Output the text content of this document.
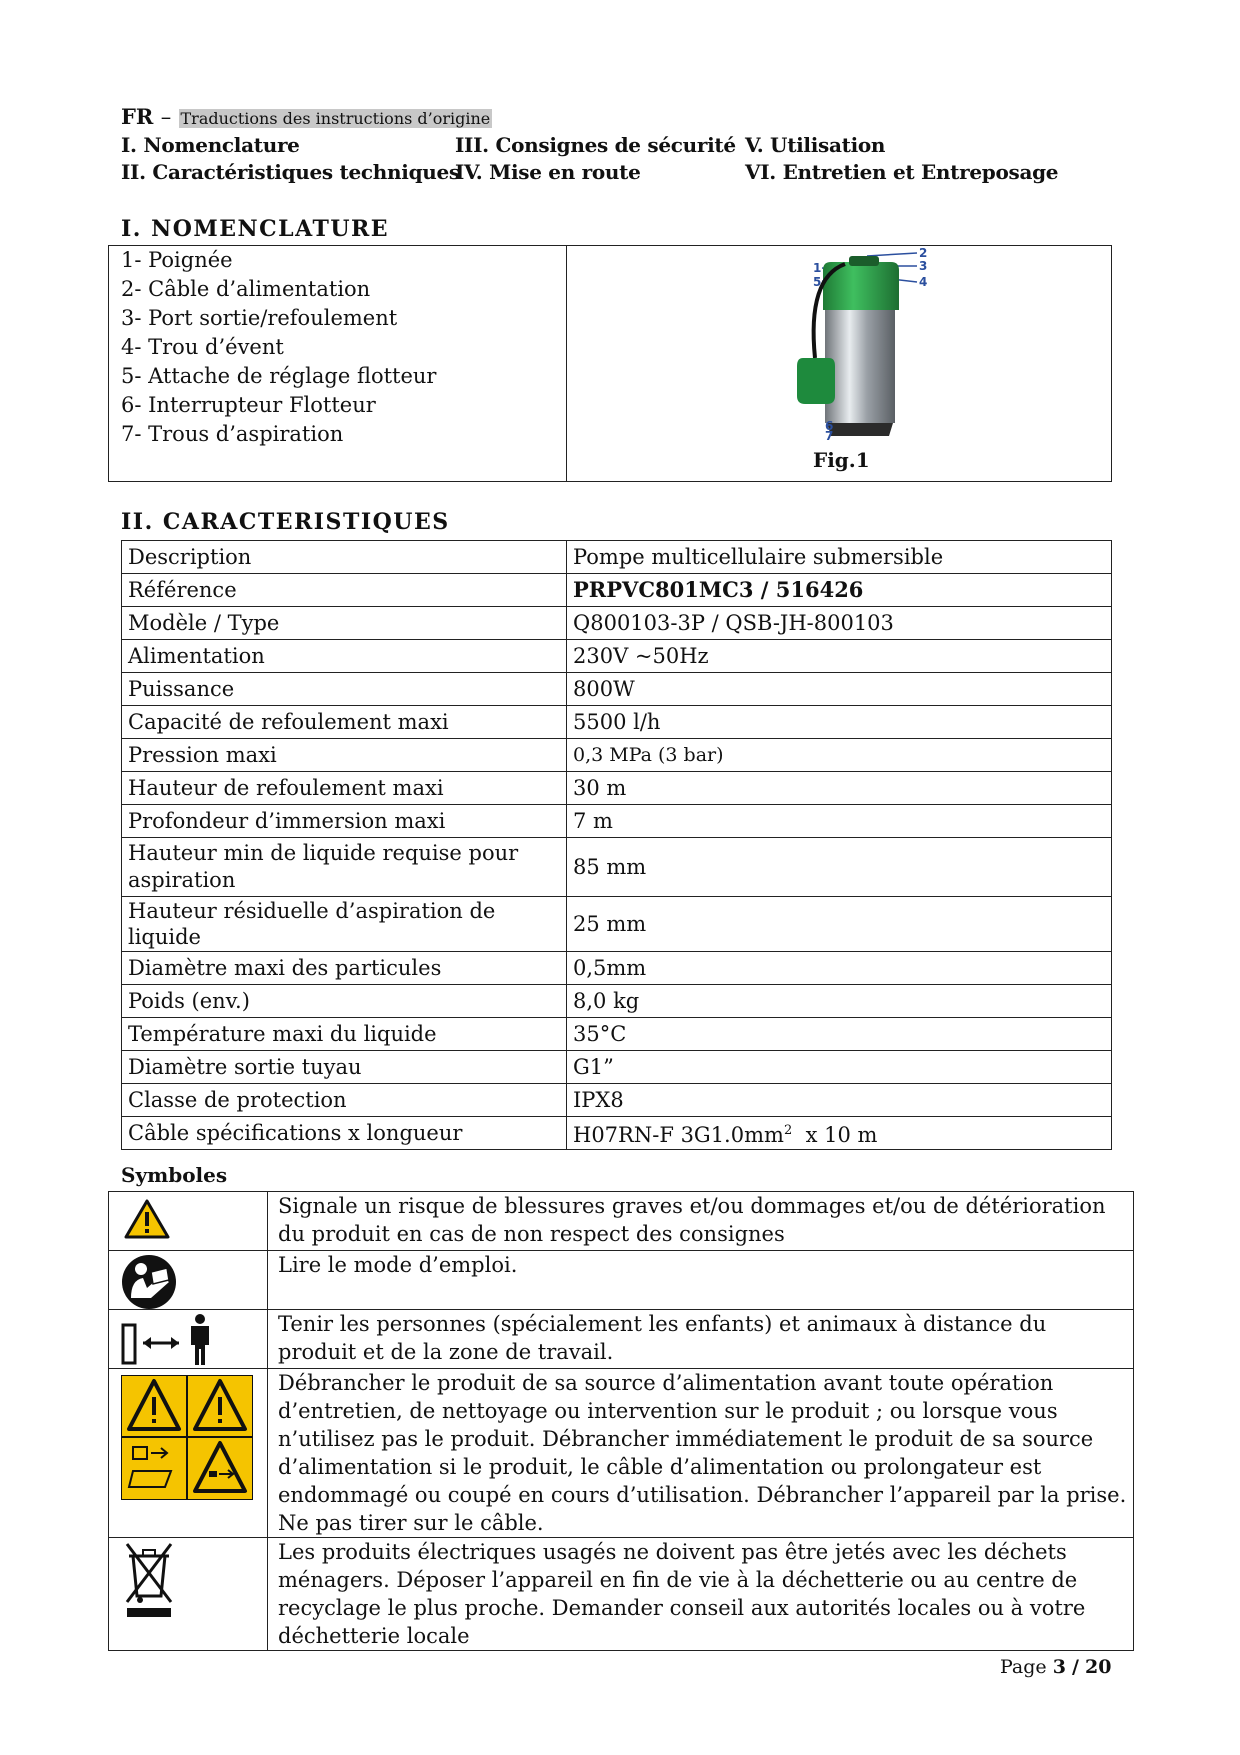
FR – Traductions des instructions d’origine
I. Nomenclature
II. Caractéristiques techniques
III. Consignes de sécurité
IV. Mise en route
V. Utilisation
VI. Entretien et Entreposage
I. NOMENCLATURE
1- Poignée
2- Câble d’alimentation
3- Port sortie/refoulement
4- Trou d’évent
5- Attache de réglage flotteur
6- Interrupteur Flotteur
7- Trous d’aspiration

1
2
3
4
5
6
7
Fig.1
II. CARACTERISTIQUES
Description	Pompe multicellulaire submersible
Référence	PRPVC801MC3 / 516426
Modèle / Type	Q800103-3P / QSB-JH-800103
Alimentation	230V ~50Hz
Puissance	800W
Capacité de refoulement maxi	5500 l/h
Pression maxi	0,3 MPa (3 bar)
Hauteur de refoulement maxi	30 m
Profondeur d’immersion maxi	7 m
Hauteur min de liquide requise pour aspiration	85 mm
Hauteur résiduelle d’aspiration de liquide	25 mm
Diamètre maxi des particules	0,5mm
Poids (env.)	8,0 kg
Température maxi du liquide	35°C
Diamètre sortie tuyau	G1”
Classe de protection	IPX8
Câble spécifications x longueur	H07RN-F $3G1.0mm^2$  x 10 m
Symboles
	Signale un risque de blessures graves et/ou dommages et/ou de détérioration du produit en cas de non respect des consignes

	Lire le mode d’emploi.

	Tenir les personnes (spécialement les enfants) et animaux à distance du produit et de la zone de travail.

	Débrancher le produit de sa source d’alimentation avant toute opération d’entretien, de nettoyage ou intervention sur le produit ; ou lorsque vous n’utilisez pas le produit. Débrancher immédiatement le produit de sa source d’alimentation si le produit, le câble d’alimentation ou prolongateur est endommagé ou coupé en cours d’utilisation. Débrancher l’appareil par la prise. Ne pas tirer sur le câble.

	Les produits électriques usagés ne doivent pas être jetés avec les déchets ménagers. Déposer l’appareil en fin de vie à la déchetterie ou au centre de recyclage le plus proche. Demander conseil aux autorités locales ou à votre déchetterie locale
Page 3 / 20
